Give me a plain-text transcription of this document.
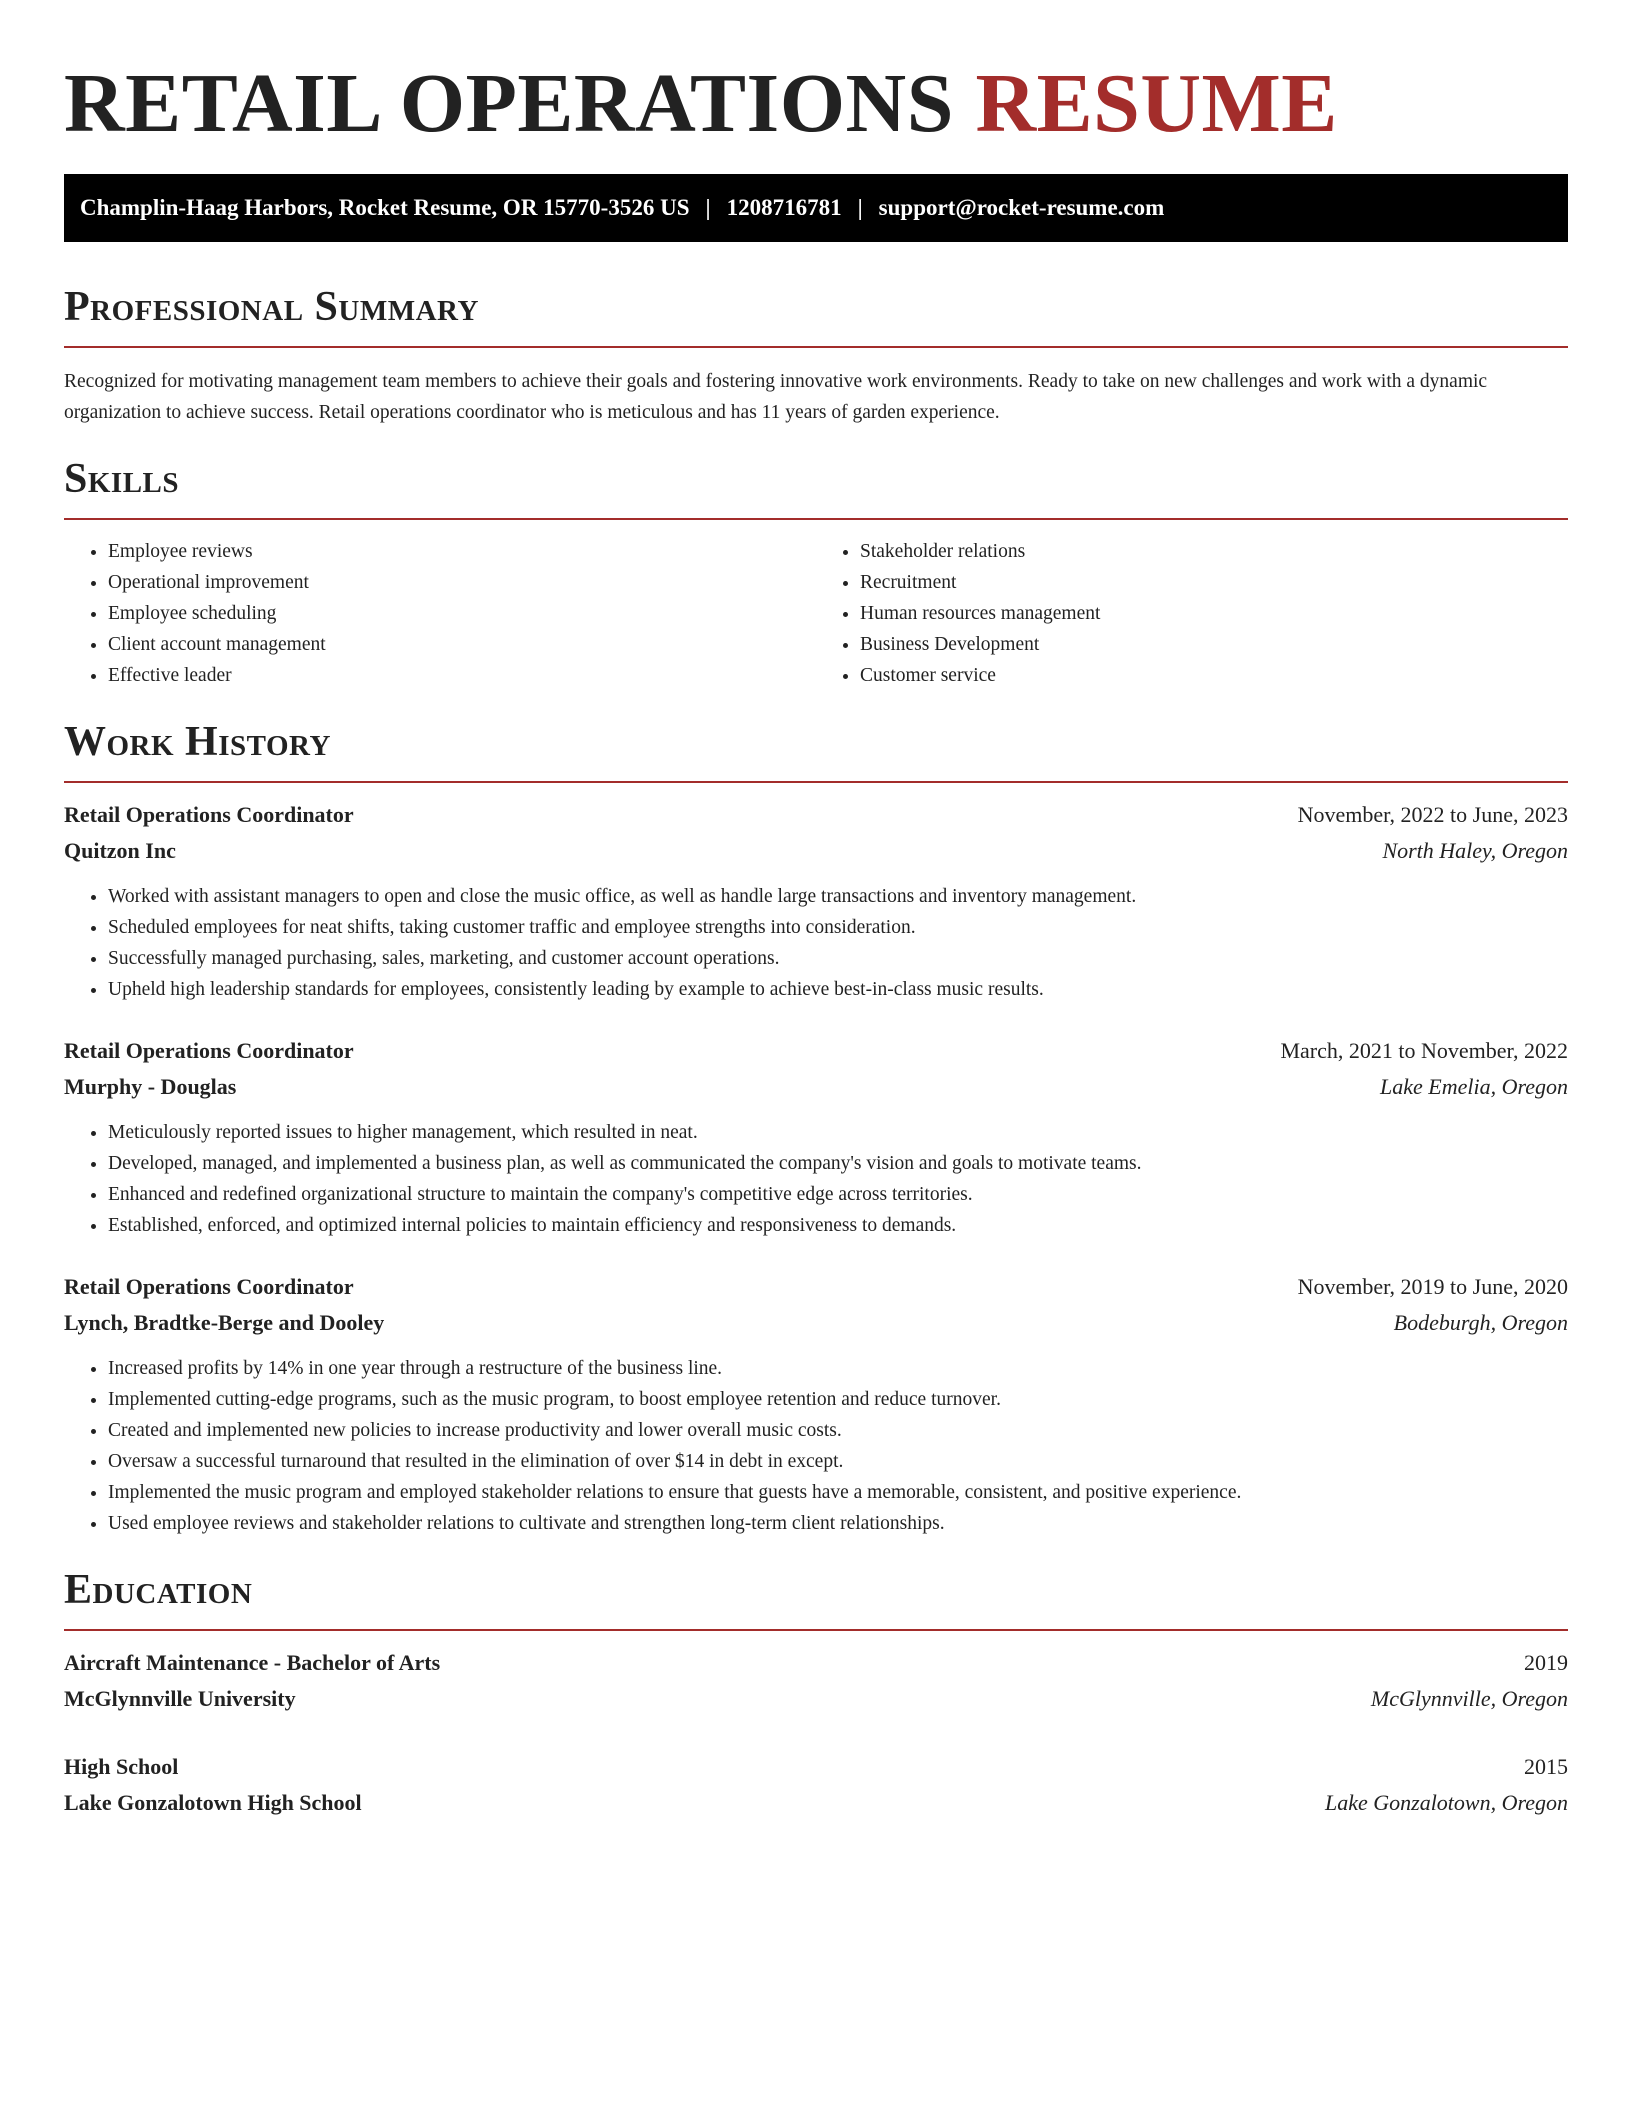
RETAIL OPERATIONS RESUME
Champlin-Haag Harbors, Rocket Resume, OR 15770-3526 US | 1208716781 | support@rocket-resume.com
Professional Summary

Recognized for motivating management team members to achieve their goals and fostering innovative work environments. Ready to take on new challenges and work with a dynamic organization to achieve success. Retail operations coordinator who is meticulous and has 11 years of garden experience.

Skills
• Employee reviews
• Operational improvement
• Employee scheduling
• Client account management
• Effective leader
• Stakeholder relations
• Recruitment
• Human resources management
• Business Development
• Customer service
Work History
Retail Operations Coordinator	November, 2022 to June, 2023
Quitzon Inc	North Haley, Oregon
• Worked with assistant managers to open and close the music office, as well as handle large transactions and inventory management.
• Scheduled employees for neat shifts, taking customer traffic and employee strengths into consideration.
• Successfully managed purchasing, sales, marketing, and customer account operations.
• Upheld high leadership standards for employees, consistently leading by example to achieve best-in-class music results.
Retail Operations Coordinator	March, 2021 to November, 2022
Murphy - Douglas	Lake Emelia, Oregon
• Meticulously reported issues to higher management, which resulted in neat.
• Developed, managed, and implemented a business plan, as well as communicated the company's vision and goals to motivate teams.
• Enhanced and redefined organizational structure to maintain the company's competitive edge across territories.
• Established, enforced, and optimized internal policies to maintain efficiency and responsiveness to demands.
Retail Operations Coordinator	November, 2019 to June, 2020
Lynch, Bradtke-Berge and Dooley	Bodeburgh, Oregon
• Increased profits by 14% in one year through a restructure of the business line.
• Implemented cutting-edge programs, such as the music program, to boost employee retention and reduce turnover.
• Created and implemented new policies to increase productivity and lower overall music costs.
• Oversaw a successful turnaround that resulted in the elimination of over $14 in debt in except.
• Implemented the music program and employed stakeholder relations to ensure that guests have a memorable, consistent, and positive experience.
• Used employee reviews and stakeholder relations to cultivate and strengthen long-term client relationships.
Education
Aircraft Maintenance - Bachelor of Arts	2019
McGlynnville University	McGlynnville, Oregon
High School	2015
Lake Gonzalotown High School	Lake Gonzalotown, Oregon
